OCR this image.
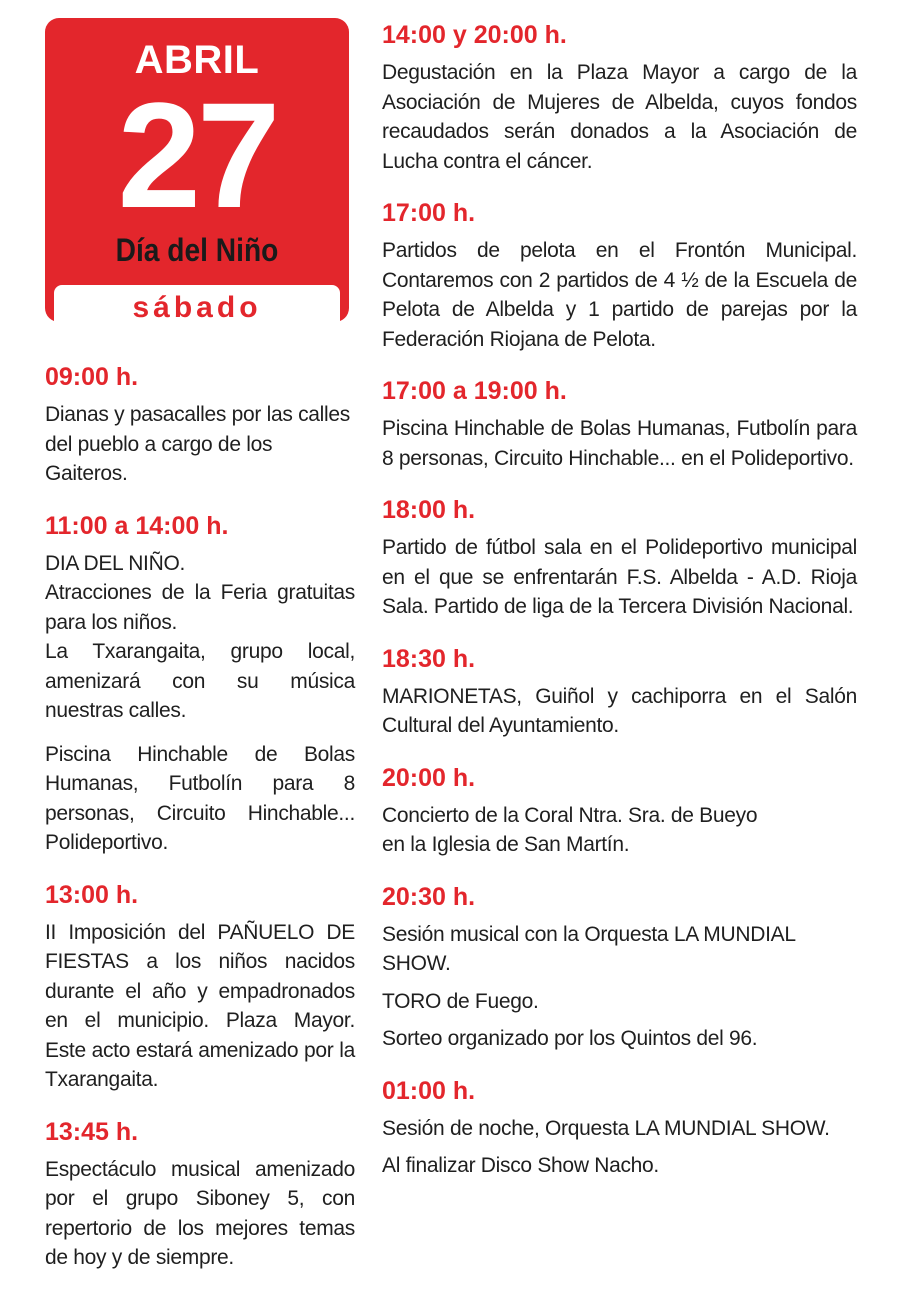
ABRIL
27
Día del Niño
sábado
09:00 h.

Dianas y pasacalles por las calles del pueblo a cargo de los Gaiteros.

11:00 a 14:00 h.

DIA DEL NIÑO.

Atracciones de la Feria gratuitas para los niños.

La Txarangaita, grupo local, amenizará con su música nuestras calles.

Piscina Hinchable de Bolas Humanas, Futbolín para 8 personas, Circuito Hinchable... Polideportivo.

13:00 h.

II Imposición del PAÑUELO DE FIESTAS a los niños nacidos durante el año y empadronados en el municipio. Plaza Mayor. Este acto estará amenizado por la Txarangaita.

13:45 h.

Espectáculo musical amenizado por el grupo Siboney 5, con repertorio de los mejores temas de hoy y de siempre.

14:00 y 20:00 h.

Degustación en la Plaza Mayor a cargo de la Asociación de Mujeres de Albelda, cuyos fondos recaudados serán donados a la Asociación de Lucha contra el cáncer.

17:00 h.

Partidos de pelota en el Frontón Municipal. Contaremos con 2 partidos de 4 ½ de la Escuela de Pelota de Albelda y 1 partido de parejas por la Federación Riojana de Pelota.

17:00 a 19:00 h.

Piscina Hinchable de Bolas Humanas, Futbolín para 8 personas, Circuito Hinchable... en el Polideportivo.

18:00 h.

Partido de fútbol sala en el Polideportivo municipal en el que se enfrentarán F.S. Albelda - A.D. Rioja Sala. Partido de liga de la Tercera División Nacional.

18:30 h.

MARIONETAS, Guiñol y cachiporra en el Salón Cultural del Ayuntamiento.

20:00 h.

Concierto de la Coral Ntra. Sra. de Bueyo

en la Iglesia de San Martín.

20:30 h.

Sesión musical con la Orquesta LA MUNDIAL SHOW.

TORO de Fuego.

Sorteo organizado por los Quintos del 96.

01:00 h.

Sesión de noche, Orquesta LA MUNDIAL SHOW.

Al finalizar Disco Show Nacho.
